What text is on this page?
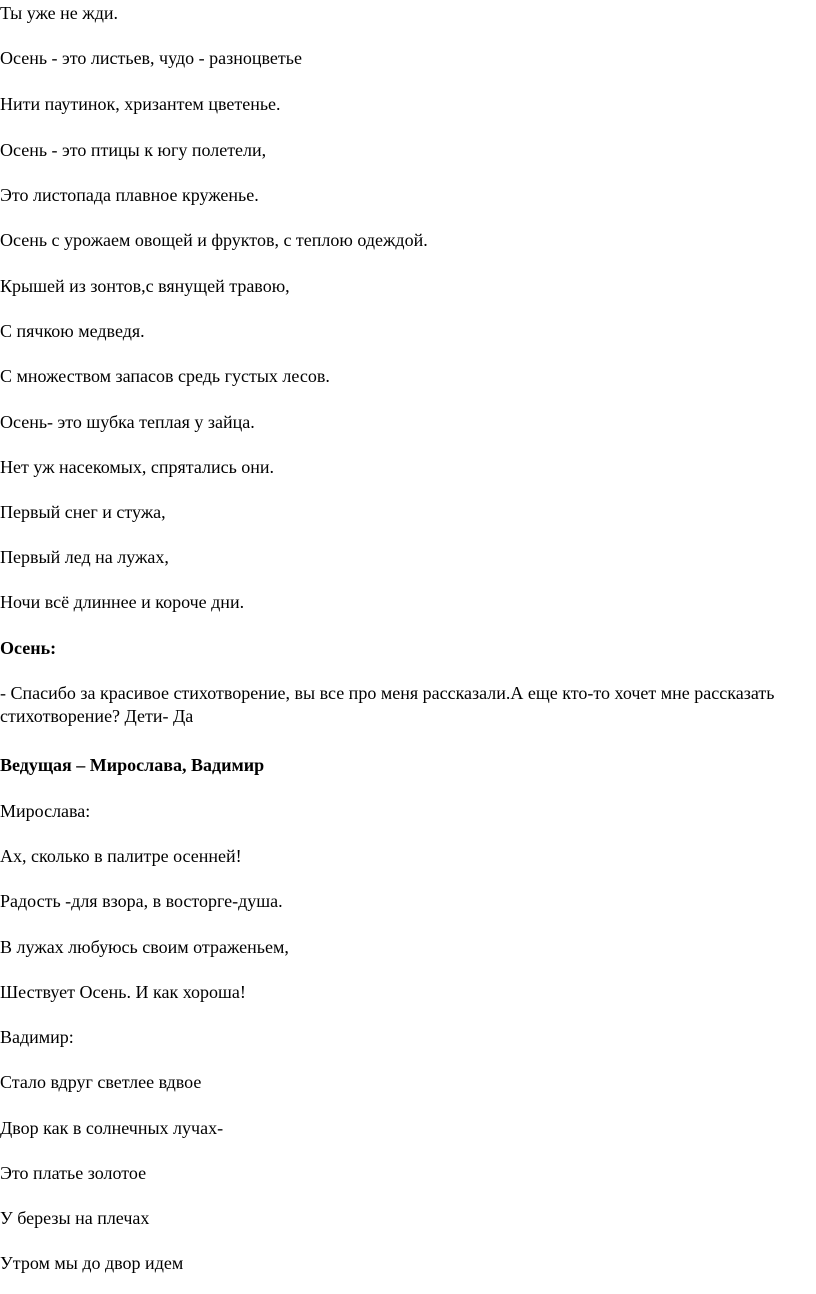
Ты уже не жди.
Осень - это листьев, чудо - разноцветье
Нити паутинок, хризантем цветенье.
Осень - это птицы к югу полетели,
Это листопада плавное круженье.
Осень с урожаем овощей и фруктов, с теплою одеждой.
Крышей из зонтов,с вянущей травою,
С пячкою медведя.
С множеством запасов средь густых лесов.
Осень- это шубка теплая у зайца.
Нет уж насекомых, спрятались они.
Первый снег и стужа,
Первый лед на лужах,
Ночи всё длиннее и короче дни.
Осень:
- Спасибо за красивое стихотворение, вы все про меня рассказали.А еще кто-то хочет мне рассказать стихотворение? Дети- Да
Ведущая – Мирослава, Вадимир
Мирослава:
Ах, сколько в палитре осенней!
Радость -для взора, в восторге-душа.
В лужах любуюсь своим отраженьем,
Шествует Осень. И как хороша!
Вадимир:
Стало вдруг светлее вдвое
Двор как в солнечных лучах-
Это платье золотое
У березы на плечах
Утром мы до двор идем
